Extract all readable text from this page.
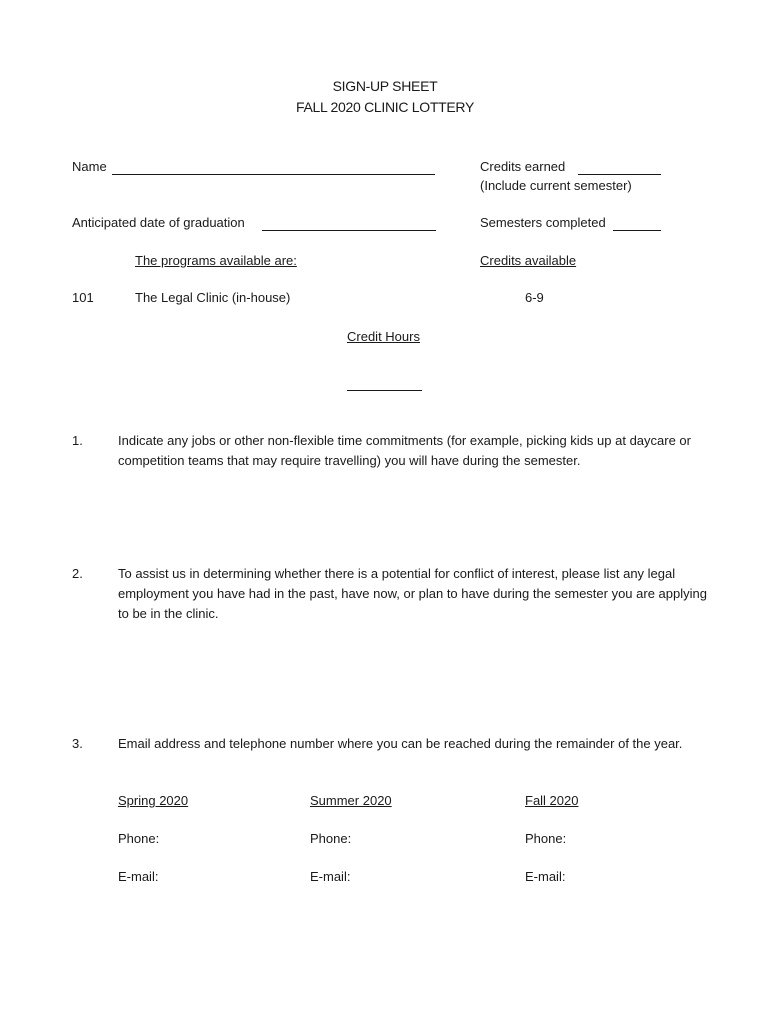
SIGN-UP SHEET
FALL 2020 CLINIC LOTTERY
Name	Credits earned
(Include current semester)
Anticipated date of graduation	Semesters completed
The programs available are:	Credits available
101	The Legal Clinic (in-house)	6-9
Credit Hours
1.	Indicate any jobs or other non-flexible time commitments (for example, picking kids up at daycare or competition teams that may require travelling) you will have during the semester.
2.	To assist us in determining whether there is a potential for conflict of interest, please list any legal employment you have had in the past, have now, or plan to have during the semester you are applying to be in the clinic.
3.	Email address and telephone number where you can be reached during the remainder of the year.
Spring 2020	Summer 2020	Fall 2020
Phone:	Phone:	Phone:
E-mail:	E-mail:	E-mail:
